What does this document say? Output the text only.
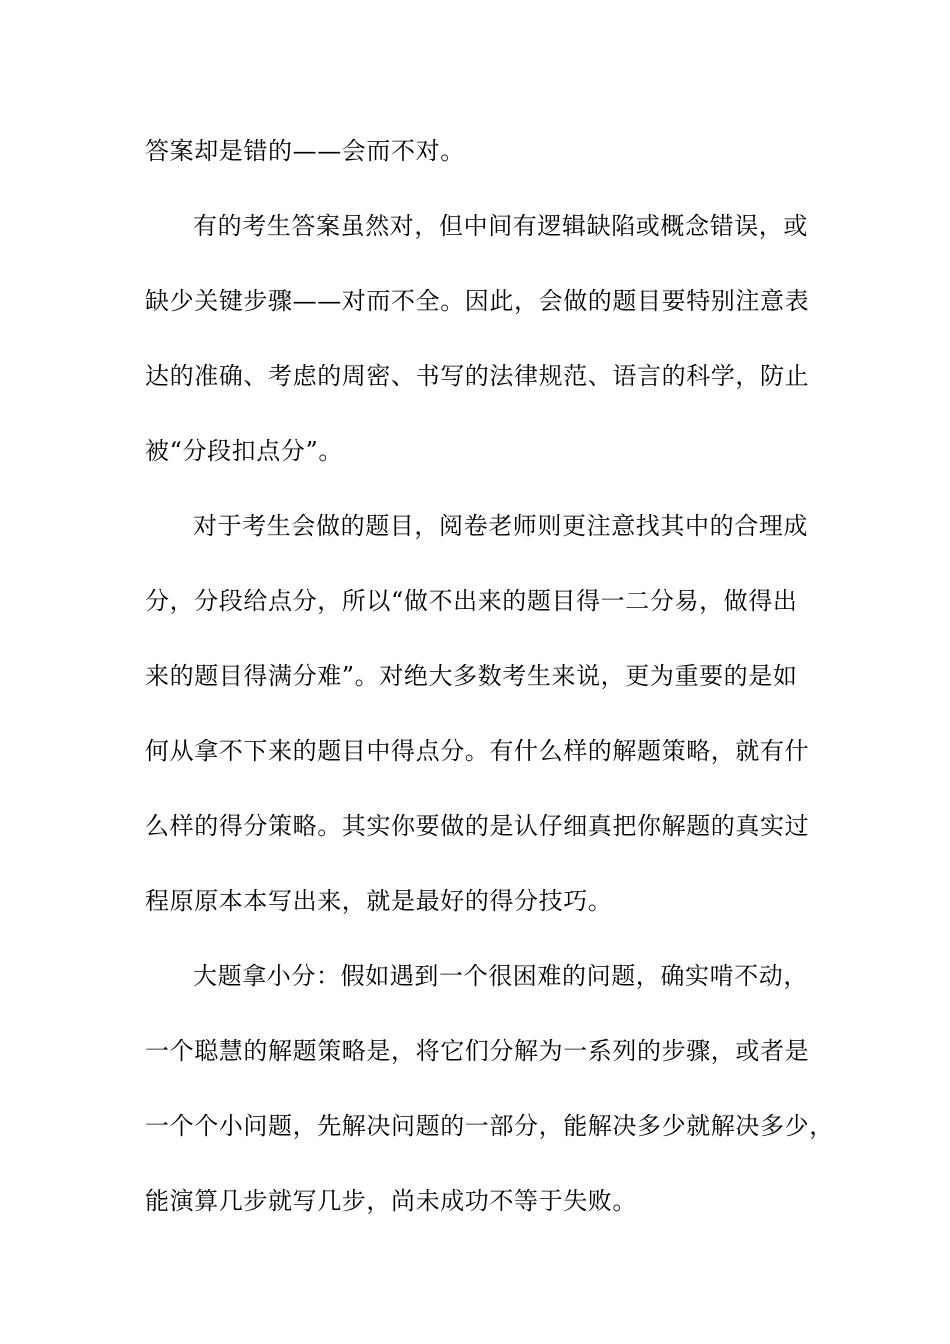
答案却是错的——会而不对。
有的考生答案虽然对，但中间有逻辑缺陷或概念错误，或
缺少关键步骤——对而不全。因此，会做的题目要特别注意表
达的准确、考虑的周密、书写的法律规范、语言的科学，防止
被“分段扣点分”。
对于考生会做的题目，阅卷老师则更注意找其中的合理成
分，分段给点分，所以“做不出来的题目得一二分易，做得出
来的题目得满分难”。对绝大多数考生来说，更为重要的是如
何从拿不下来的题目中得点分。有什么样的解题策略，就有什
么样的得分策略。其实你要做的是认仔细真把你解题的真实过
程原原本本写出来，就是最好的得分技巧。
大题拿小分：假如遇到一个很困难的问题，确实啃不动，
一个聪慧的解题策略是，将它们分解为一系列的步骤，或者是
一个个小问题，先解决问题的一部分，能解决多少就解决多少，
能演算几步就写几步，尚未成功不等于失败。
